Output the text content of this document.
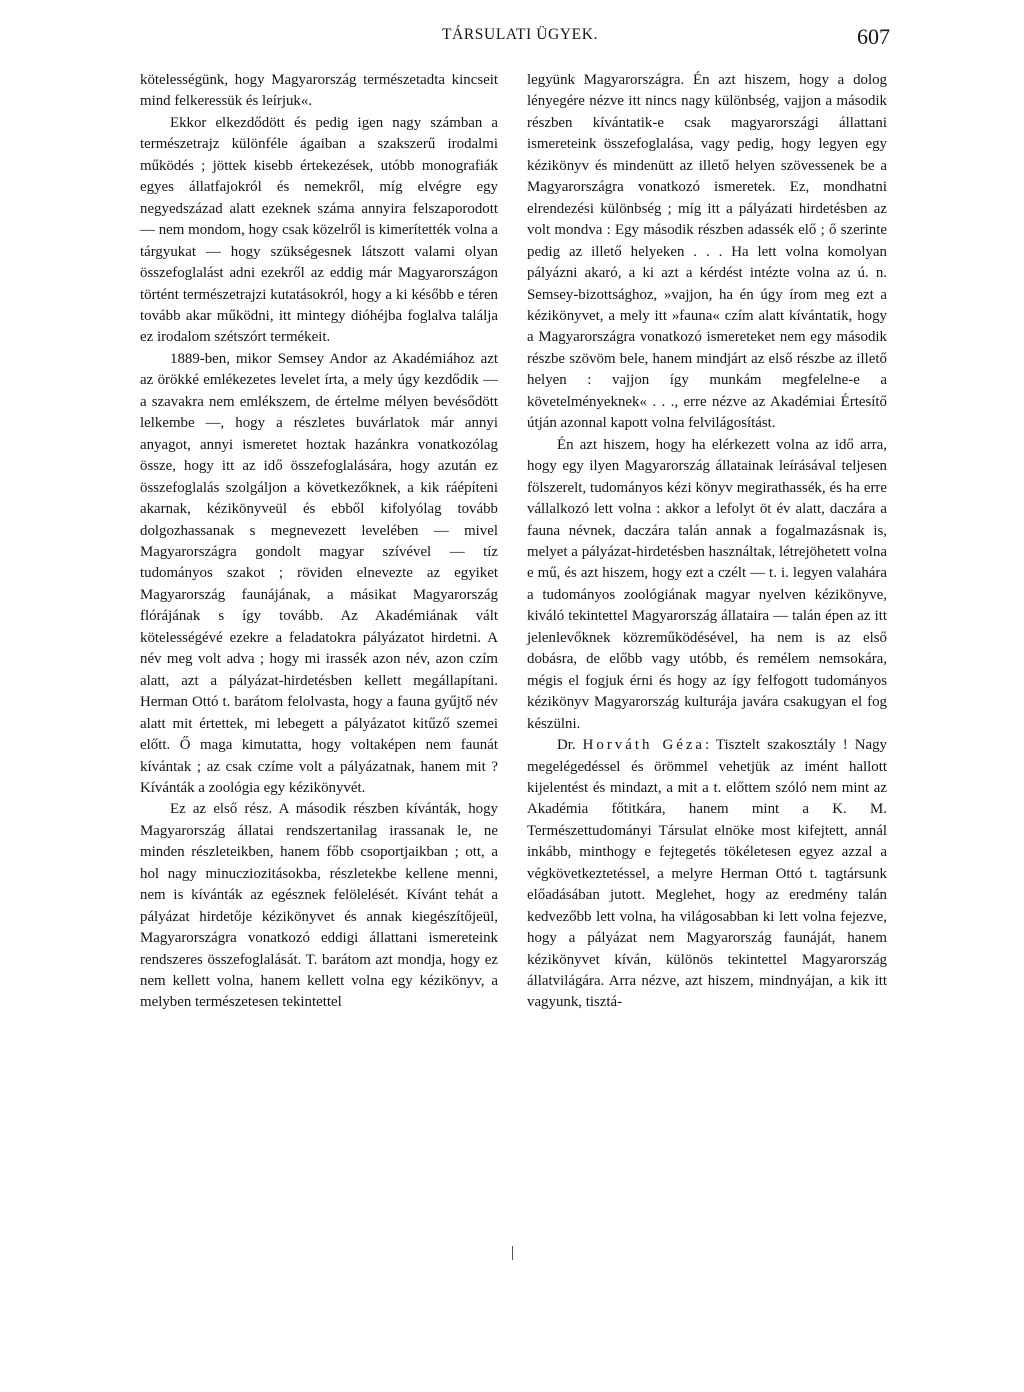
TÁRSULATI ÜGYEK.	607

kötelességünk, hogy Magyarország természetadta kincseit mind felkeressük és leírjuk«.

Ekkor elkezdődött és pedig igen nagy számban a természetrajz különféle ágaiban a szakszerű irodalmi működés ; jöttek kisebb értekezések, utóbb monografiák egyes állatfajokról és nemekről, míg elvégre egy negyedszázad alatt ezeknek száma annyira felszaporodott — nem mondom, hogy csak közelről is kimerítették volna a tárgyukat — hogy szükségesnek látszott valami olyan összefoglalást adni ezekről az eddig már Magyarországon történt természetrajzi kutatásokról, hogy a ki később e téren tovább akar működni, itt mintegy dióhéjba foglalva találja ez irodalom szétszórt termékeit.

1889-ben, mikor Semsey Andor az Akadémiához azt az örökké emlékezetes levelet írta, a mely úgy kezdődik — a szavakra nem emlékszem, de értelme mélyen bevésődött lelkembe —, hogy a részletes buvárlatok már annyi anyagot, annyi ismeretet hoztak hazánkra vonatkozólag össze, hogy itt az idő összefoglalására, hogy azután ez összefoglalás szolgáljon a következőknek, a kik ráépíteni akarnak, kézikönyveül és ebből kifolyólag tovább dolgozhassanak s megnevezett levelében — mivel Magyarországra gondolt magyar szívével — tíz tudományos szakot ; röviden elnevezte az egyiket Magyarország faunájának, a másikat Magyarország flórájának s így tovább. Az Akadémiának vált kötelességévé ezekre a feladatokra pályázatot hirdetni. A név meg volt adva ; hogy mi irassék azon név, azon czím alatt, azt a pályázat-hirdetésben kellett megállapítani. Herman Ottó t. barátom felolvasta, hogy a fauna gyűjtő név alatt mit értettek, mi lebegett a pályázatot kitűző szemei előtt. Ő maga kimutatta, hogy voltaképen nem faunát kívántak ; az csak czíme volt a pályázatnak, hanem mit ? Kívánták a zoológia egy kézikönyvét.

Ez az első rész. A második részben kívánták, hogy Magyarország állatai rendszertanilag irassanak le, ne minden részleteikben, hanem főbb csoportjaikban ; ott, a hol nagy minucziozitásokba, részletekbe kellene menni, nem is kívánták az egésznek felölelését. Kívánt tehát a pályázat hirdetője kézikönyvet és annak kiegészítőjeül, Magyarországra vonatkozó eddigi állattani ismereteink rendszeres összefoglalását. T. barátom azt mondja, hogy ez nem kellett volna, hanem kellett volna egy kézikönyv, a melyben természetesen tekintettel

legyünk Magyarországra. Én azt hiszem, hogy a dolog lényegére nézve itt nincs nagy különbség, vajjon a második részben kívántatik-e csak magyarországi állattani ismereteink összefoglalása, vagy pedig, hogy legyen egy kézikönyv és mindenütt az illető helyen szövessenek be a Magyarországra vonatkozó ismeretek. Ez, mondhatni elrendezési különbség ; míg itt a pályázati hirdetésben az volt mondva : Egy második részben adassék elő ; ő szerinte pedig az illető helyeken . . . Ha lett volna komolyan pályázni akaró, a ki azt a kérdést intézte volna az ú. n. Semsey-bizottsághoz, »vajjon, ha én úgy írom meg ezt a kézikönyvet, a mely itt »fauna« czím alatt kívántatik, hogy a Magyarországra vonatkozó ismereteket nem egy második részbe szövöm bele, hanem mindjárt az első részbe az illető helyen : vajjon így munkám megfelelne-e a követelményeknek« . . ., erre nézve az Akadémiai Értesítő útján azonnal kapott volna felvilágosítást.

Én azt hiszem, hogy ha elérkezett volna az idő arra, hogy egy ilyen Magyarország állatainak leírásával teljesen fölszerelt, tudományos kézi könyv megirathassék, és ha erre vállalkozó lett volna : akkor a lefolyt öt év alatt, daczára a fauna névnek, daczára talán annak a fogalmazásnak is, melyet a pályázat-hirdetésben használtak, létrejöhetett volna e mű, és azt hiszem, hogy ezt a czélt — t. i. legyen valahára a tudományos zoológiának magyar nyelven kézikönyve, kiváló tekintettel Magyarország állataira — talán épen az itt jelenlevőknek közreműködésével, ha nem is az első dobásra, de előbb vagy utóbb, és remélem nemsokára, mégis el fogjuk érni és hogy az így felfogott tudományos kézikönyv Magyarország kulturája javára csakugyan el fog készülni.

Dr. Horváth Géza: Tisztelt szakosztály ! Nagy megelégedéssel és örömmel vehetjük az imént hallott kijelentést és mindazt, a mit a t. előttem szóló nem mint az Akadémia főtitkára, hanem mint a K. M. Természettudományi Társulat elnöke most kifejtett, annál inkább, minthogy e fejtegetés tökéletesen egyez azzal a végkövetkeztetéssel, a melyre Herman Ottó t. tagtársunk előadásában jutott. Meglehet, hogy az eredmény talán kedvezőbb lett volna, ha világosabban ki lett volna fejezve, hogy a pályázat nem Magyarország faunáját, hanem kézikönyvet kíván, különös tekintettel Magyarország állatvilágára. Arra nézve, azt hiszem, mindnyájan, a kik itt vagyunk, tisztá-
